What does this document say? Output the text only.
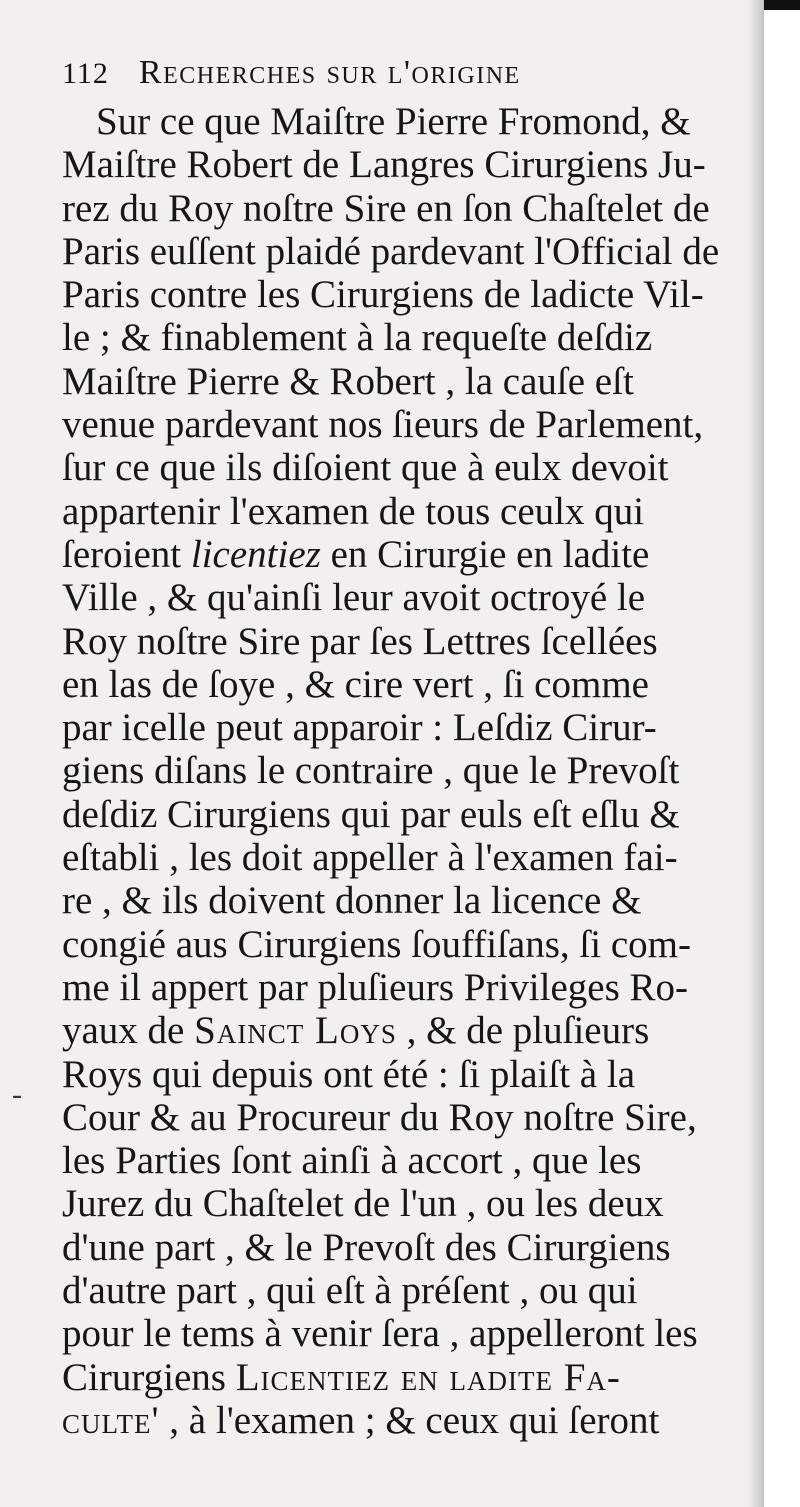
112 Recherches sur l'origine
Sur ce que Maiſtre Pierre Fromond, &
Maiſtre Robert de Langres Cirurgiens Ju-
rez du Roy noſtre Sire en ſon Chaſtelet de
Paris euſſent plaidé pardevant l'Official de
Paris contre les Cirurgiens de ladicte Vil-
le ; & finablement à la requeſte deſdiz
Maiſtre Pierre & Robert , la cauſe eſt
venue pardevant nos ſieurs de Parlement,
ſur ce que ils diſoient que à eulx devoit
appartenir l'examen de tous ceulx qui
ſeroient licentiez en Cirurgie en ladite
Ville , & qu'ainſi leur avoit octroyé le
Roy noſtre Sire par ſes Lettres ſcellées
en las de ſoye , & cire vert , ſi comme
par icelle peut apparoir : Leſdiz Cirur-
giens diſans le contraire , que le Prevoſt
deſdiz Cirurgiens qui par euls eſt eſlu &
eſtabli , les doit appeller à l'examen fai-
re , & ils doivent donner la licence &
congié aus Cirurgiens ſouffiſans, ſi com-
me il appert par pluſieurs Privileges Ro-
yaux de Sainct Loys , & de pluſieurs
Roys qui depuis ont été : ſi plaiſt à la
Cour & au Procureur du Roy noſtre Sire,
les Parties ſont ainſi à accort , que les
Jurez du Chaſtelet de l'un , ou les deux
d'une part , & le Prevoſt des Cirurgiens
d'autre part , qui eſt à préſent , ou qui
pour le tems à venir ſera , appelleront les
Cirurgiens Licentiez en ladite Fa-
culte' , à l'examen ; & ceux qui ſeront
-
